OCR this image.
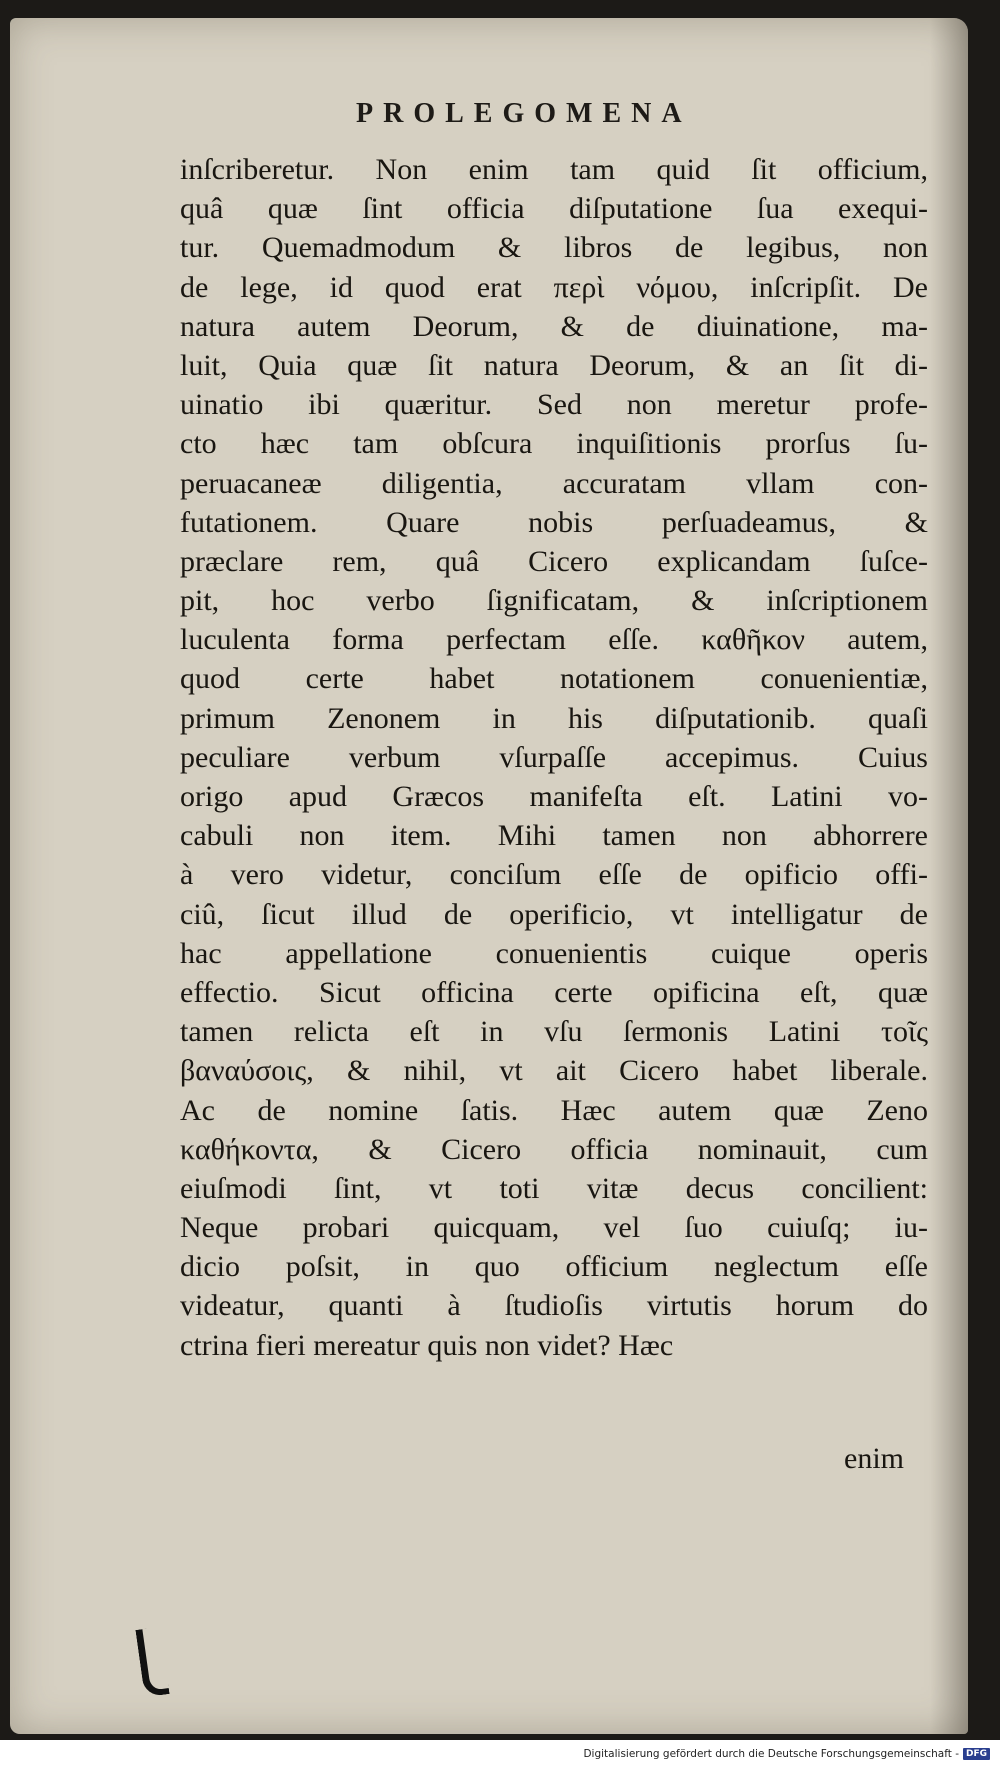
PROLEGOMENA
inſcriberetur. Non enim tam quid ſit officium,
quâ quæ ſint officia diſputatione ſua exequi-
tur. Quemadmodum & libros de legibus, non
de lege, id quod erat περὶ νόμου, inſcripſit. De
natura autem Deorum, & de diuinatione, ma-
luit, Quia quæ ſit natura Deorum, & an ſit di-
uinatio ibi quæritur. Sed non meretur profe-
cto hæc tam obſcura inquiſitionis prorſus ſu-
peruacaneæ diligentia, accuratam vllam con-
futationem. Quare nobis perſuadeamus, &
præclare rem, quâ Cicero explicandam ſuſce-
pit, hoc verbo ſignificatam, & inſcriptionem
luculenta forma perfectam eſſe. καθῆκον autem,
quod certe habet notationem conuenientiæ,
primum Zenonem in his diſputationib. quaſi
peculiare verbum vſurpaſſe accepimus. Cuius
origo apud Græcos manifeſta eſt. Latini vo-
cabuli non item. Mihi tamen non abhorrere
à vero videtur, conciſum eſſe de opificio offi-
ciû, ſicut illud de operificio, vt intelligatur de
hac appellatione conuenientis cuique operis
effectio. Sicut officina certe opificina eſt, quæ
tamen relicta eſt in vſu ſermonis Latini τοῖς
βαναύσοις, & nihil, vt ait Cicero habet liberale.
Ac de nomine ſatis. Hæc autem quæ Zeno
καθήκοντα, & Cicero officia nominauit, cum
eiuſmodi ſint, vt toti vitæ decus concilient:
Neque probari quicquam, vel ſuo cuiuſq; iu-
dicio poſsit, in quo officium neglectum eſſe
videatur, quanti à ſtudioſis virtutis horum do
ctrina fieri mereatur quis non videt? Hæc
enim
Digitalisierung gefördert durch die Deutsche Forschungsgemeinschaft - DFG
